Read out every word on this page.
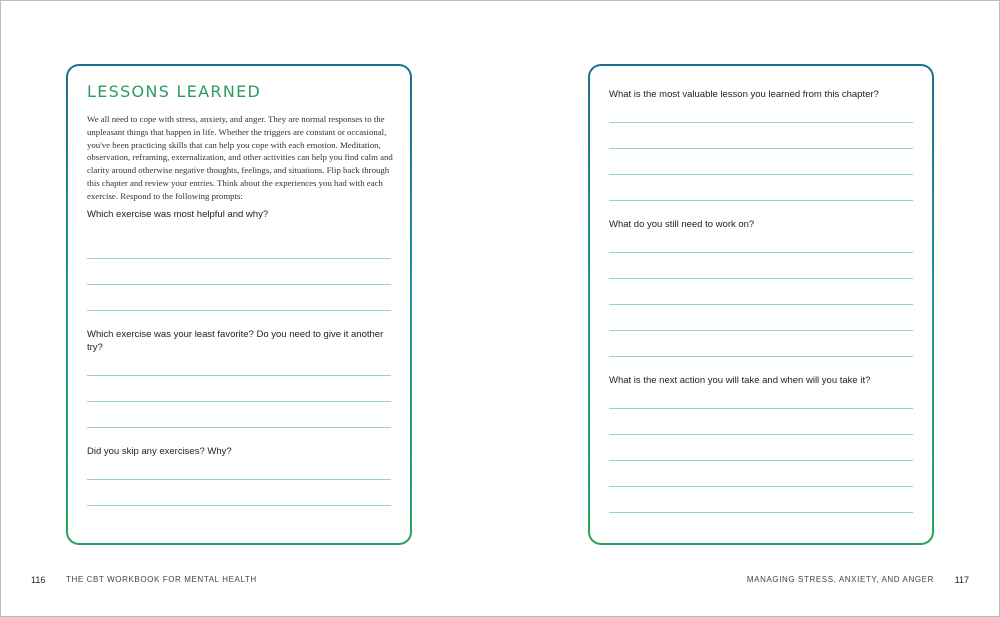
LESSONS LEARNED
We all need to cope with stress, anxiety, and anger. They are normal responses to the unpleasant things that happen in life. Whether the triggers are constant or occasional, you've been practicing skills that can help you cope with each emotion. Meditation, observation, reframing, externalization, and other activities can help you find calm and clarity around otherwise negative thoughts, feelings, and situations. Flip back through this chapter and review your entries. Think about the experiences you had with each exercise. Respond to the following prompts:
Which exercise was most helpful and why?
Which exercise was your least favorite? Do you need to give it another try?
Did you skip any exercises? Why?
What is the most valuable lesson you learned from this chapter?
What do you still need to work on?
What is the next action you will take and when will you take it?
116	THE CBT WORKBOOK FOR MENTAL HEALTH	MANAGING STRESS, ANXIETY, AND ANGER 117
